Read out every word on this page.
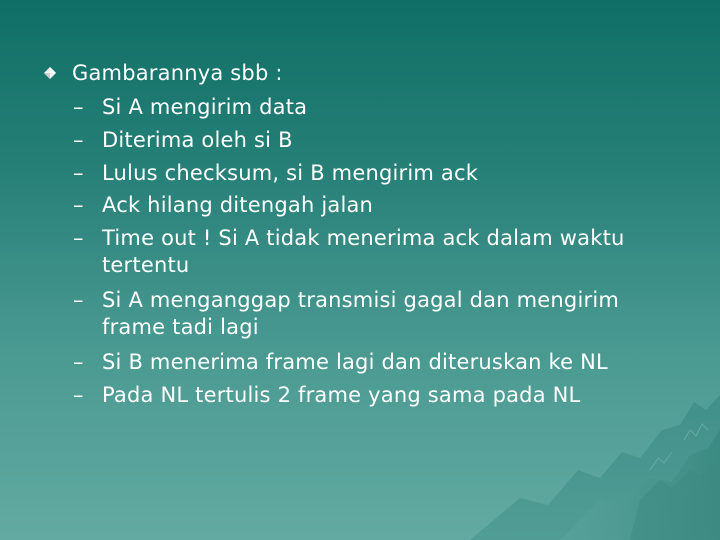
Gambarannya sbb :
– Si A mengirim data
– Diterima oleh si B
– Lulus checksum, si B mengirim ack
– Ack hilang ditengah jalan
– Time out ! Si A tidak menerima ack dalam waktu
tertentu
– Si A menganggap transmisi gagal dan mengirim
frame tadi lagi
– Si B menerima frame lagi dan diteruskan ke NL
– Pada NL tertulis 2 frame yang sama pada NL
